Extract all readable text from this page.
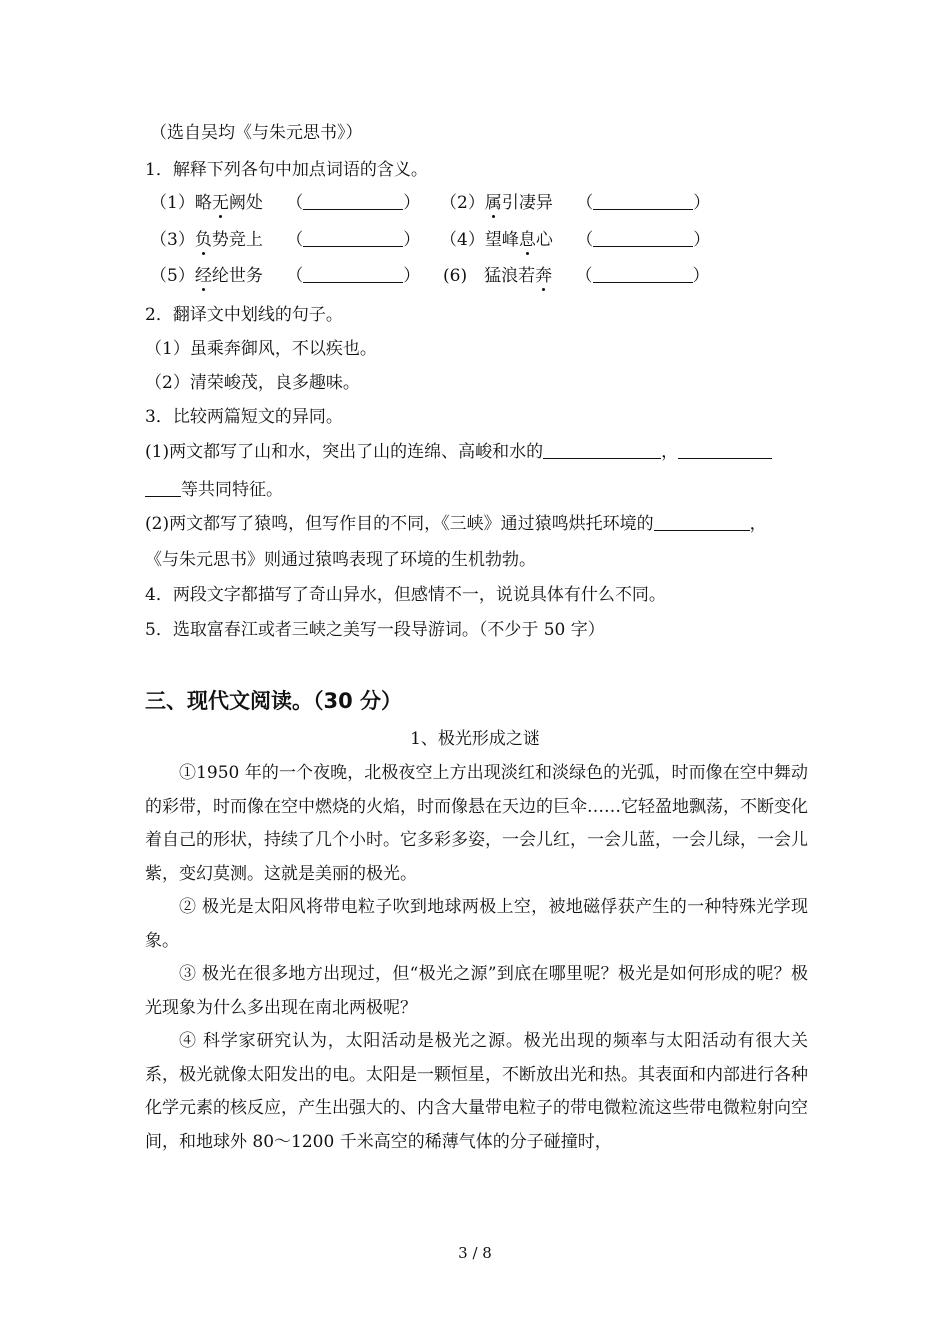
（选自吴均《与朱元思书》）
1．解释下列各句中加点词语的含义。
（1）略无阙处 （	） （2）属引凄异 （	）
（3）负势竞上 （	） （4）望峰息心 （	）
（5）经纶世务 （	） (6)　猛浪若奔 （	）
2．翻译文中划线的句子。
（1）虽乘奔御风，不以疾也。
（2）清荣峻茂，良多趣味。
3．比较两篇短文的异同。
(1)两文都写了山和水，突出了山的连绵、高峻和水的	，
等共同特征。
(2)两文都写了猿鸣，但写作目的不同，《三峡》通过猿鸣烘托环境的	，
《与朱元思书》则通过猿鸣表现了环境的生机勃勃。
4．两段文字都描写了奇山异水，但感情不一，说说具体有什么不同。
5．选取富春江或者三峡之美写一段导游词。（不少于 50 字）
三、现代文阅读。（30 分）
1、极光形成之谜
①1950 年的一个夜晚，北极夜空上方出现淡红和淡绿色的光弧，时而像在空中舞动的彩带，时而像在空中燃烧的火焰，时而像悬在天边的巨伞……它轻盈地飘荡，不断变化着自己的形状，持续了几个小时。它多彩多姿，一会儿红，一会儿蓝，一会儿绿，一会儿紫，变幻莫测。这就是美丽的极光。
② 极光是太阳风将带电粒子吹到地球两极上空，被地磁俘获产生的一种特殊光学现象。
③ 极光在很多地方出现过，但“极光之源”到底在哪里呢？极光是如何形成的呢？极光现象为什么多出现在南北两极呢？
④ 科学家研究认为，太阳活动是极光之源。极光出现的频率与太阳活动有很大关系，极光就像太阳发出的电。太阳是一颗恒星，不断放出光和热。其表面和内部进行各种化学元素的核反应，产生出强大的、内含大量带电粒子的带电微粒流这些带电微粒射向空间，和地球外 80～1200 千米高空的稀薄气体的分子碰撞时，
3 / 8
